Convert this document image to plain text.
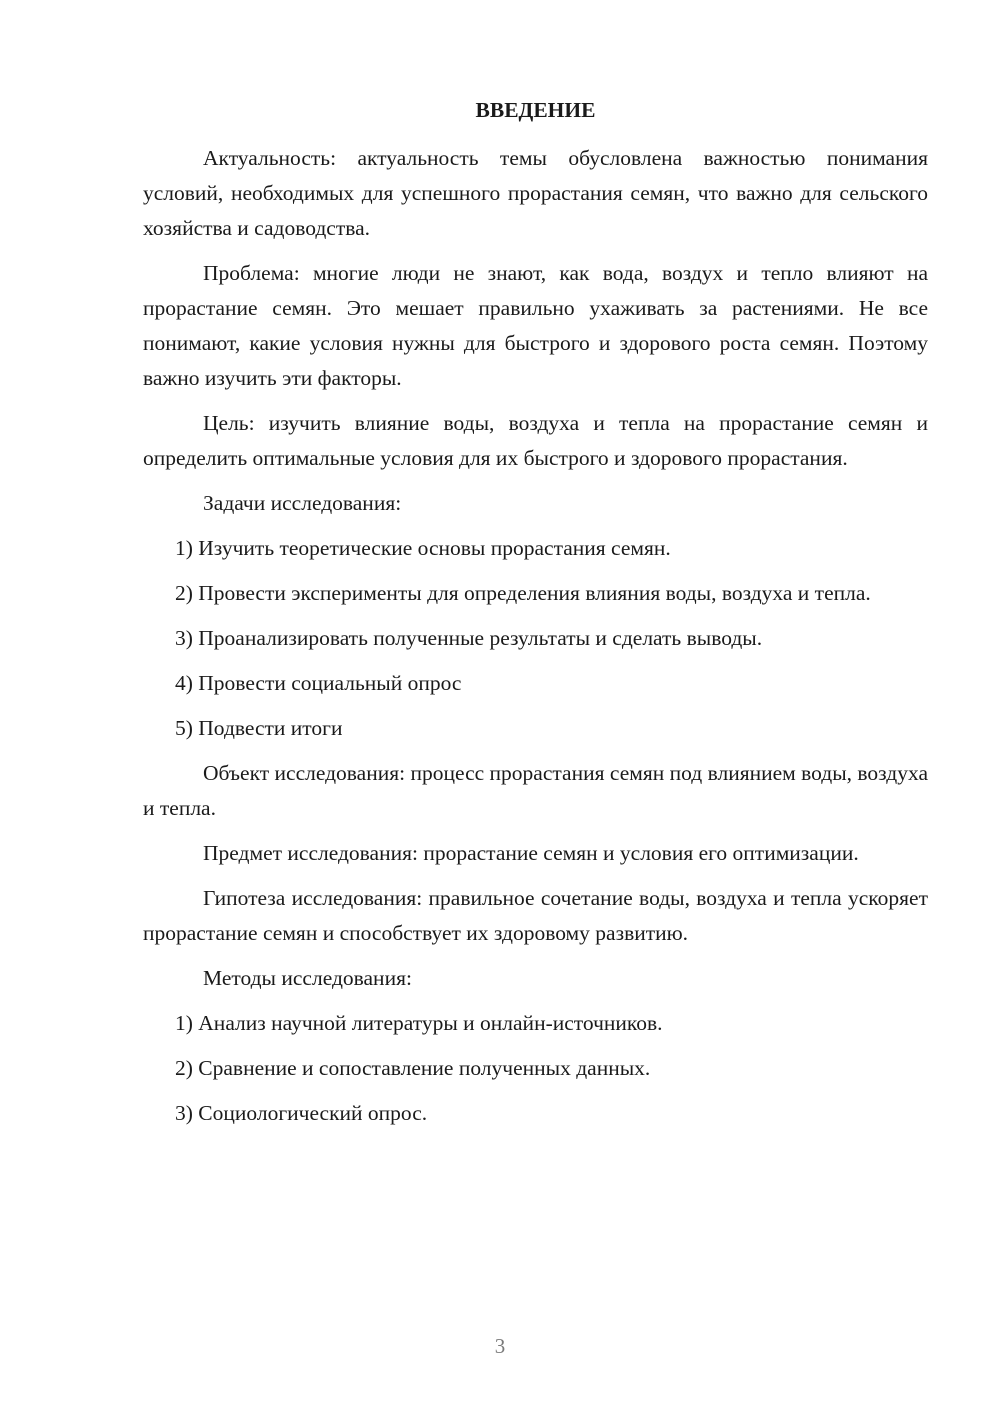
ВВЕДЕНИЕ

Актуальность: актуальность темы обусловлена важностью понимания условий, необходимых для успешного прорастания семян, что важно для сельского хозяйства и садоводства.

Проблема: многие люди не знают, как вода, воздух и тепло влияют на прорастание семян. Это мешает правильно ухаживать за растениями. Не все понимают, какие условия нужны для быстрого и здорового роста семян. Поэтому важно изучить эти факторы.

Цель: изучить влияние воды, воздуха и тепла на прорастание семян и определить оптимальные условия для их быстрого и здорового прорастания.

Задачи исследования:

1) Изучить теоретические основы прорастания семян.

2) Провести эксперименты для определения влияния воды, воздуха и тепла.

3) Проанализировать полученные результаты и сделать выводы.

4) Провести социальный опрос

5) Подвести итоги

Объект исследования: процесс прорастания семян под влиянием воды, воздуха и тепла.

Предмет исследования: прорастание семян и условия его оптимизации.

Гипотеза исследования: правильное сочетание воды, воздуха и тепла ускоряет прорастание семян и способствует их здоровому развитию.

Методы исследования:

1) Анализ научной литературы и онлайн-источников.

2) Сравнение и сопоставление полученных данных.

3) Социологический опрос.

3
